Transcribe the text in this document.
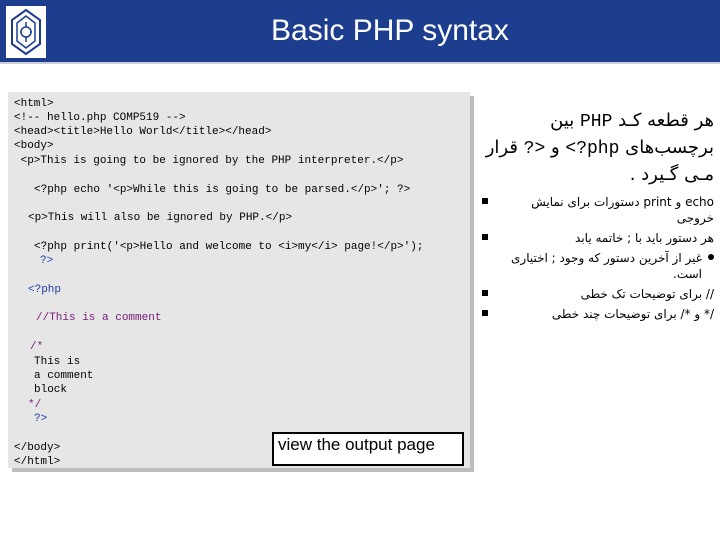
Basic PHP syntax
<html>
<!-- hello.php COMP519 -->
<head><title>Hello World</title></head>
<body>
<p>This is going to be ignored by the PHP interpreter.</p>
<?php echo '<p>While this is going to be parsed.</p>'; ?>
<p>This will also be ignored by PHP.</p>
<?php print('<p>Hello and welcome to <i>my</i> page!</p>');
?>
<?php
//This is a comment
/*
This is
a comment
block
*/
?>
</body>
</html>
view the output page
هر قطعه کـد PHP بین برچسب‌های <?php و ?> قرار مـی گـیرد .
echo و print دستورات برای نمایش خروجی
هر دستور باید با ; خاتمه یابد
غیر از آخرین دستور که وجود ; اختیاری است.
// برای توضیحات تک خطی
/* و */ برای توضیحات چند خطی
